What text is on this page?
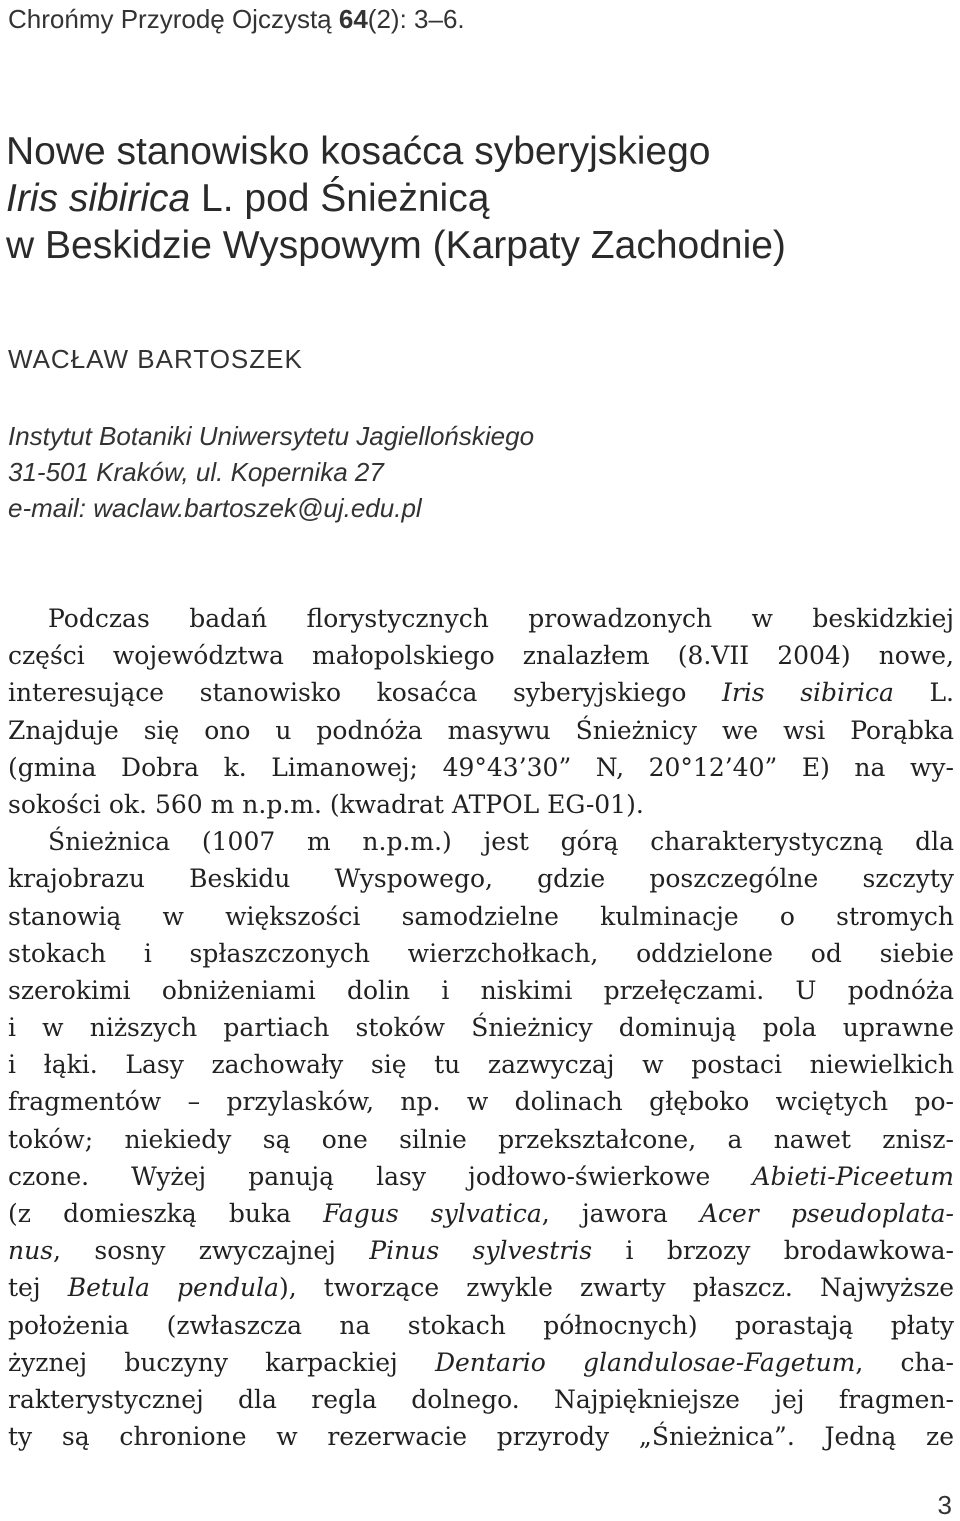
Chrońmy Przyrodę Ojczystą 64(2): 3–6.
Nowe stanowisko kosaćca syberyjskiego
Iris sibirica L. pod Śnieżnicą
w Beskidzie Wyspowym (Karpaty Zachodnie)
WACŁAW BARTOSZEK
Instytut Botaniki Uniwersytetu Jagiellońskiego
31-501 Kraków, ul. Kopernika 27
e-mail: waclaw.bartoszek@uj.edu.pl

Podczas badań florystycznych prowadzonych w beskidzkiej
części województwa małopolskiego znalazłem (8.VII 2004) nowe,
interesujące stanowisko kosaćca syberyjskiego Iris sibirica L.
Znajduje się ono u podnóża masywu Śnieżnicy we wsi Porąbka
(gmina Dobra k. Limanowej; 49°43’30” N, 20°12’40” E) na wy-
sokości ok. 560 m n.p.m. (kwadrat ATPOL EG-01).

Śnieżnica (1007 m n.p.m.) jest górą charakterystyczną dla
krajobrazu Beskidu Wyspowego, gdzie poszczególne szczyty
stanowią w większości samodzielne kulminacje o stromych
stokach i spłaszczonych wierzchołkach, oddzielone od siebie
szerokimi obniżeniami dolin i niskimi przełęczami. U podnóża
i w niższych partiach stoków Śnieżnicy dominują pola uprawne
i łąki. Lasy zachowały się tu zazwyczaj w postaci niewielkich
fragmentów – przylasków, np. w dolinach głęboko wciętych po-
toków; niekiedy są one silnie przekształcone, a nawet znisz-
czone. Wyżej panują lasy jodłowo-świerkowe Abieti-Piceetum
(z domieszką buka Fagus sylvatica, jawora Acer pseudoplata-
nus, sosny zwyczajnej Pinus sylvestris i brzozy brodawkowa-
tej Betula pendula), tworzące zwykle zwarty płaszcz. Najwyższe
położenia (zwłaszcza na stokach północnych) porastają płaty
żyznej buczyny karpackiej Dentario glandulosae-Fagetum, cha-
rakterystycznej dla regla dolnego. Najpiękniejsze jej fragmen-
ty są chronione w rezerwacie przyrody „Śnieżnica”. Jedną ze

3
